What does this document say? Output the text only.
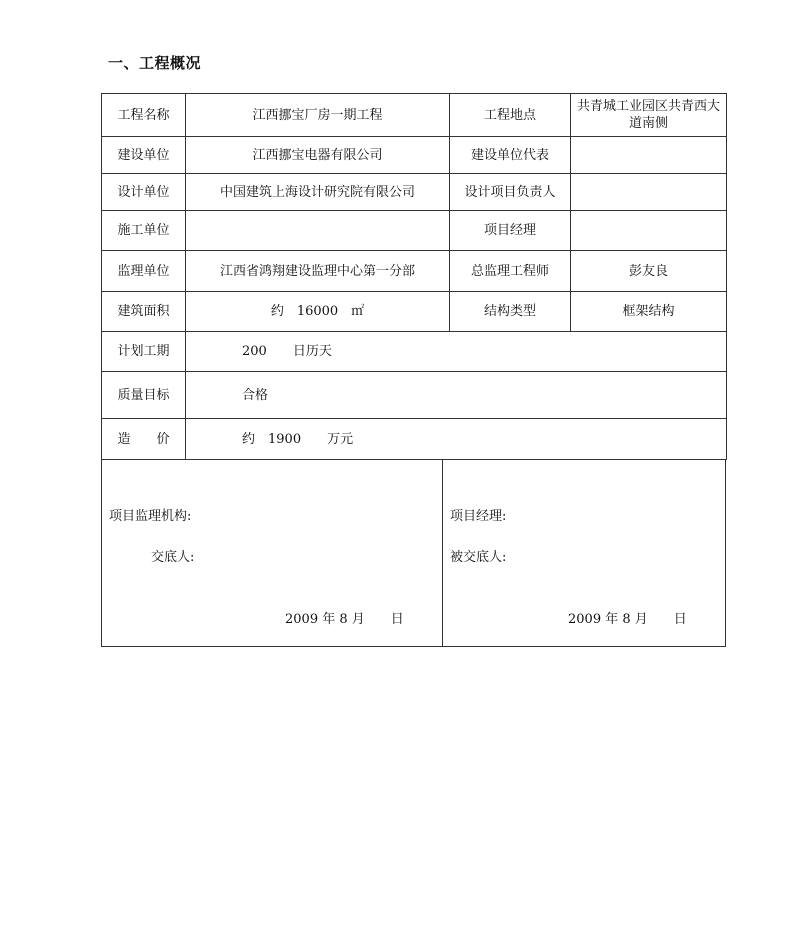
一、工程概况
工程名称	江西挪宝厂房一期工程	工程地点	共青城工业园区共青西大道南侧
建设单位	江西挪宝电器有限公司	建设单位代表	
设计单位	中国建筑上海设计研究院有限公司	设计项目负责人	
施工单位		项目经理	
监理单位	江西省鸿翔建设监理中心第一分部	总监理工程师	彭友良
建筑面积	约　16000　㎡	结构类型	框架结构
计划工期	200　　日历天		
质量目标	合格		
造　　价	约　1900　　万元		
项目监理机构:
交底人:
2009 年 8 月　　日
项目经理:
被交底人:
2009 年 8 月　　日
